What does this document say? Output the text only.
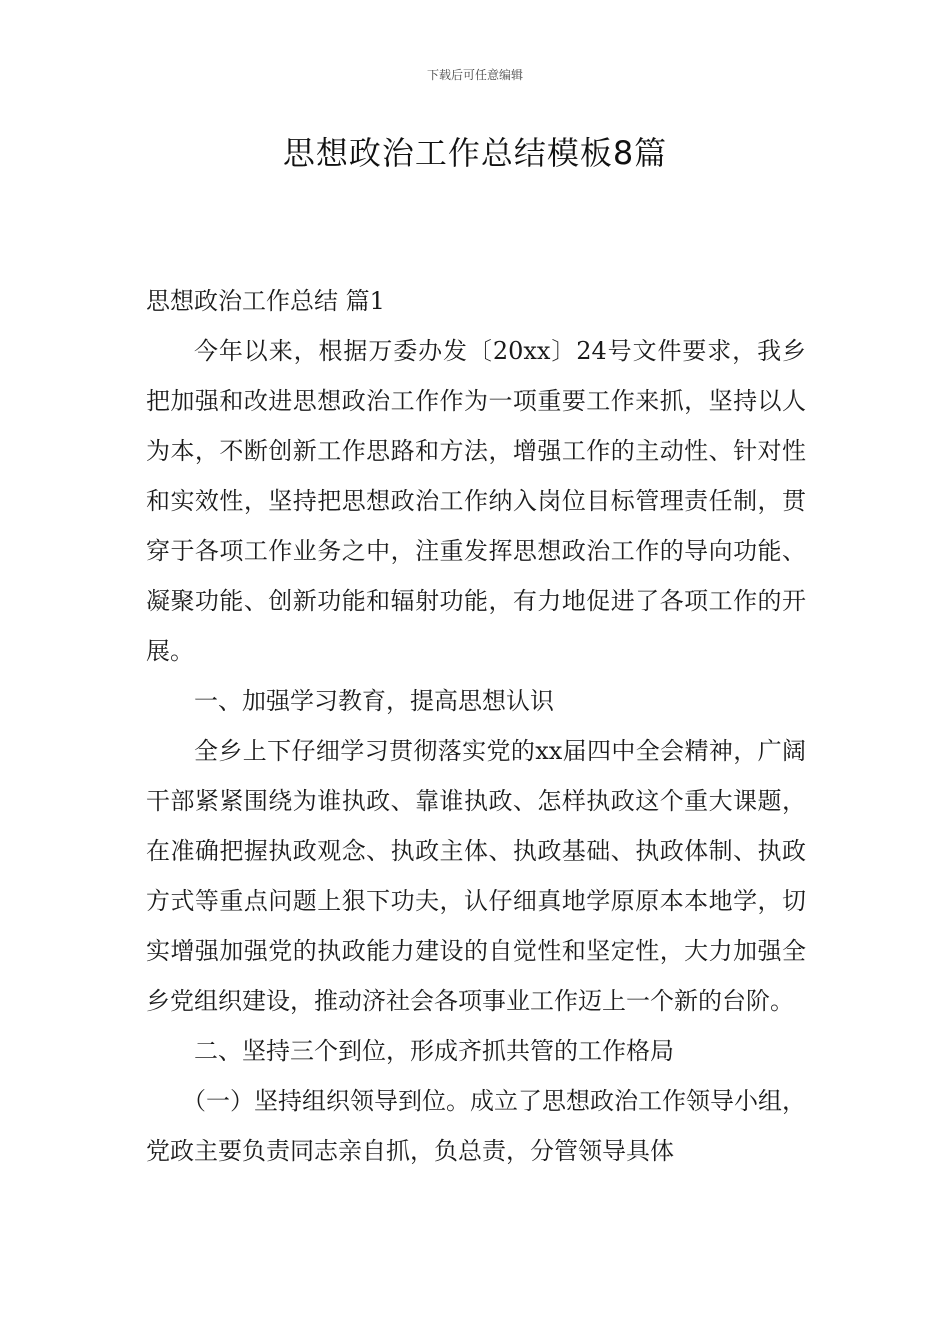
下载后可任意编辑
思想政治工作总结模板8篇

思想政治工作总结 篇1

今年以来，根据万委办发〔20xx〕24号文件要求，我乡把加强和改进思想政治工作作为一项重要工作来抓，坚持以人为本，不断创新工作思路和方法，增强工作的主动性、针对性和实效性，坚持把思想政治工作纳入岗位目标管理责任制，贯穿于各项工作业务之中，注重发挥思想政治工作的导向功能、凝聚功能、创新功能和辐射功能，有力地促进了各项工作的开展。

一、加强学习教育，提高思想认识

全乡上下仔细学习贯彻落实党的xx届四中全会精神，广阔干部紧紧围绕为谁执政、靠谁执政、怎样执政这个重大课题，在准确把握执政观念、执政主体、执政基础、执政体制、执政方式等重点问题上狠下功夫，认仔细真地学原原本本地学，切实增强加强党的执政能力建设的自觉性和坚定性，大力加强全乡党组织建设，推动济社会各项事业工作迈上一个新的台阶。

二、坚持三个到位，形成齐抓共管的工作格局

（一）坚持组织领导到位。成立了思想政治工作领导小组，党政主要负责同志亲自抓，负总责，分管领导具体
